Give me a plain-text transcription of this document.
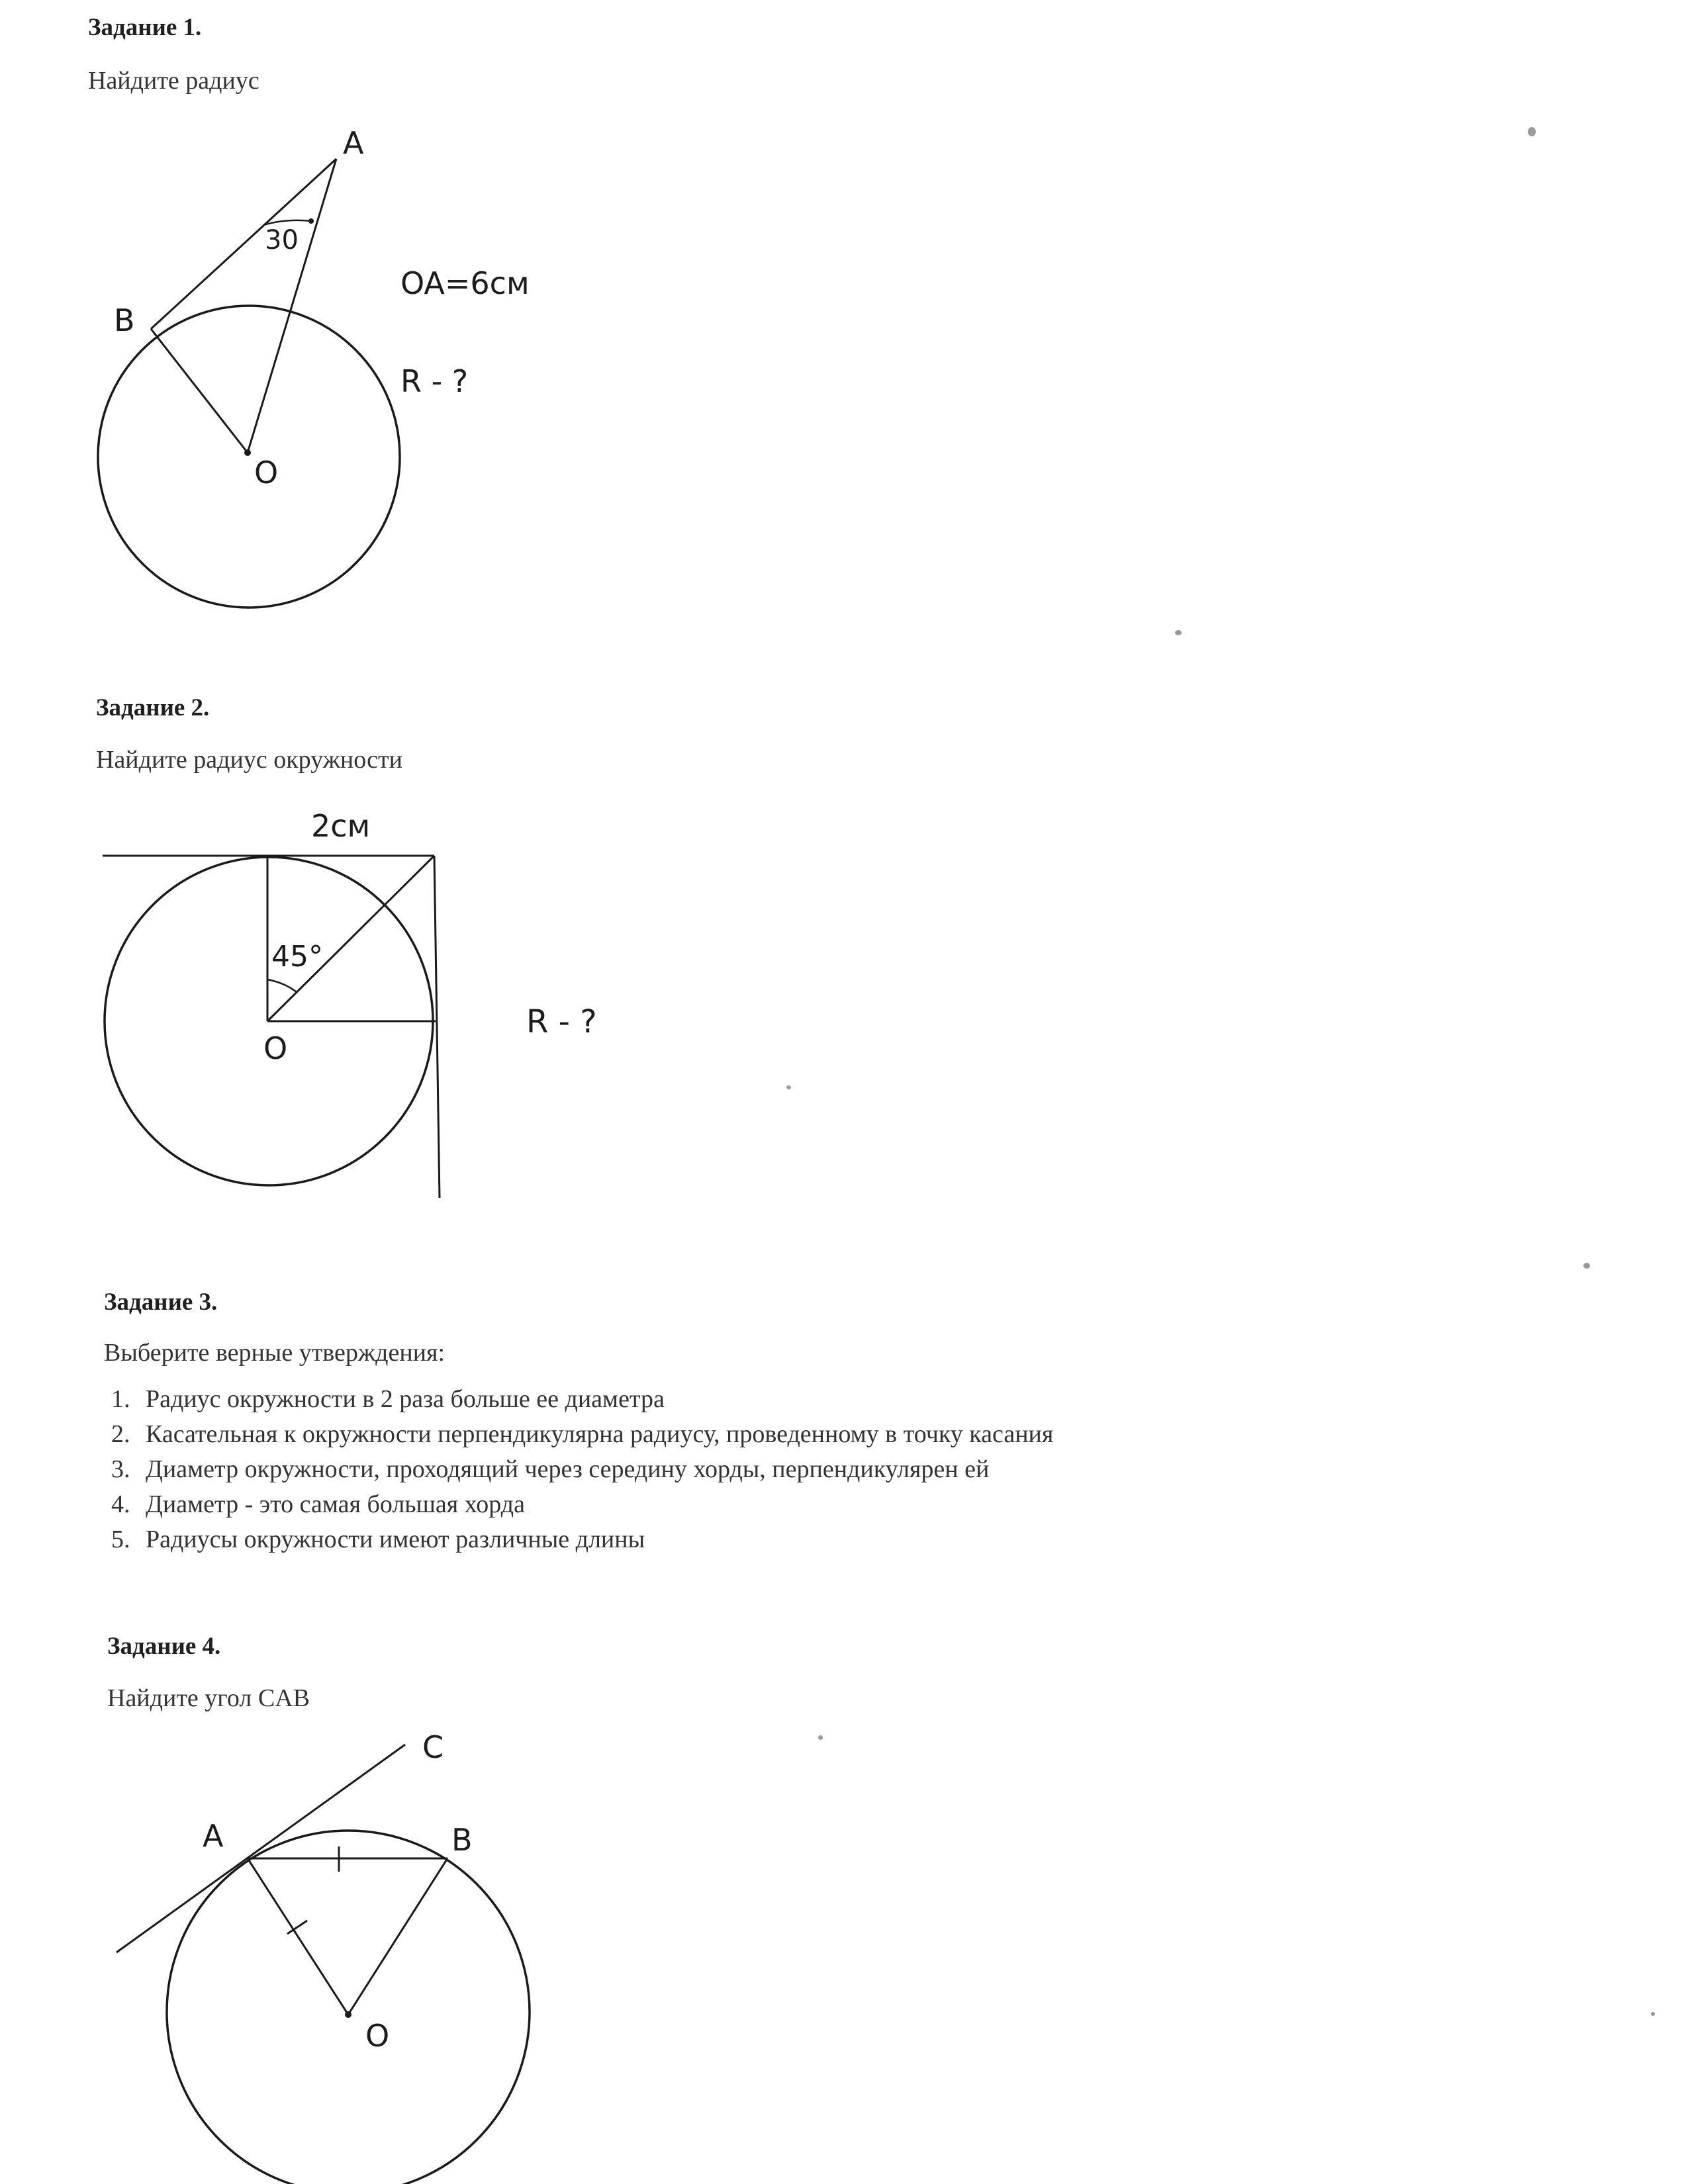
Задание 1.
Найдите радиус
A
B
O
30
OA=6см
R - ?
Задание 2.
Найдите радиус окружности
2см
45°
O
R - ?
Задание 3.
Выберите верные утверждения:
1. Радиус окружности в 2 раза больше ее диаметра
2. Касательная к окружности перпендикулярна радиусу, проведенному в точку касания
3. Диаметр окружности, проходящий через середину хорды, перпендикулярен ей
4. Диаметр - это самая большая хорда
5. Радиусы окружности имеют различные длины
Задание 4.
Найдите угол CAB
A	B
C
O
